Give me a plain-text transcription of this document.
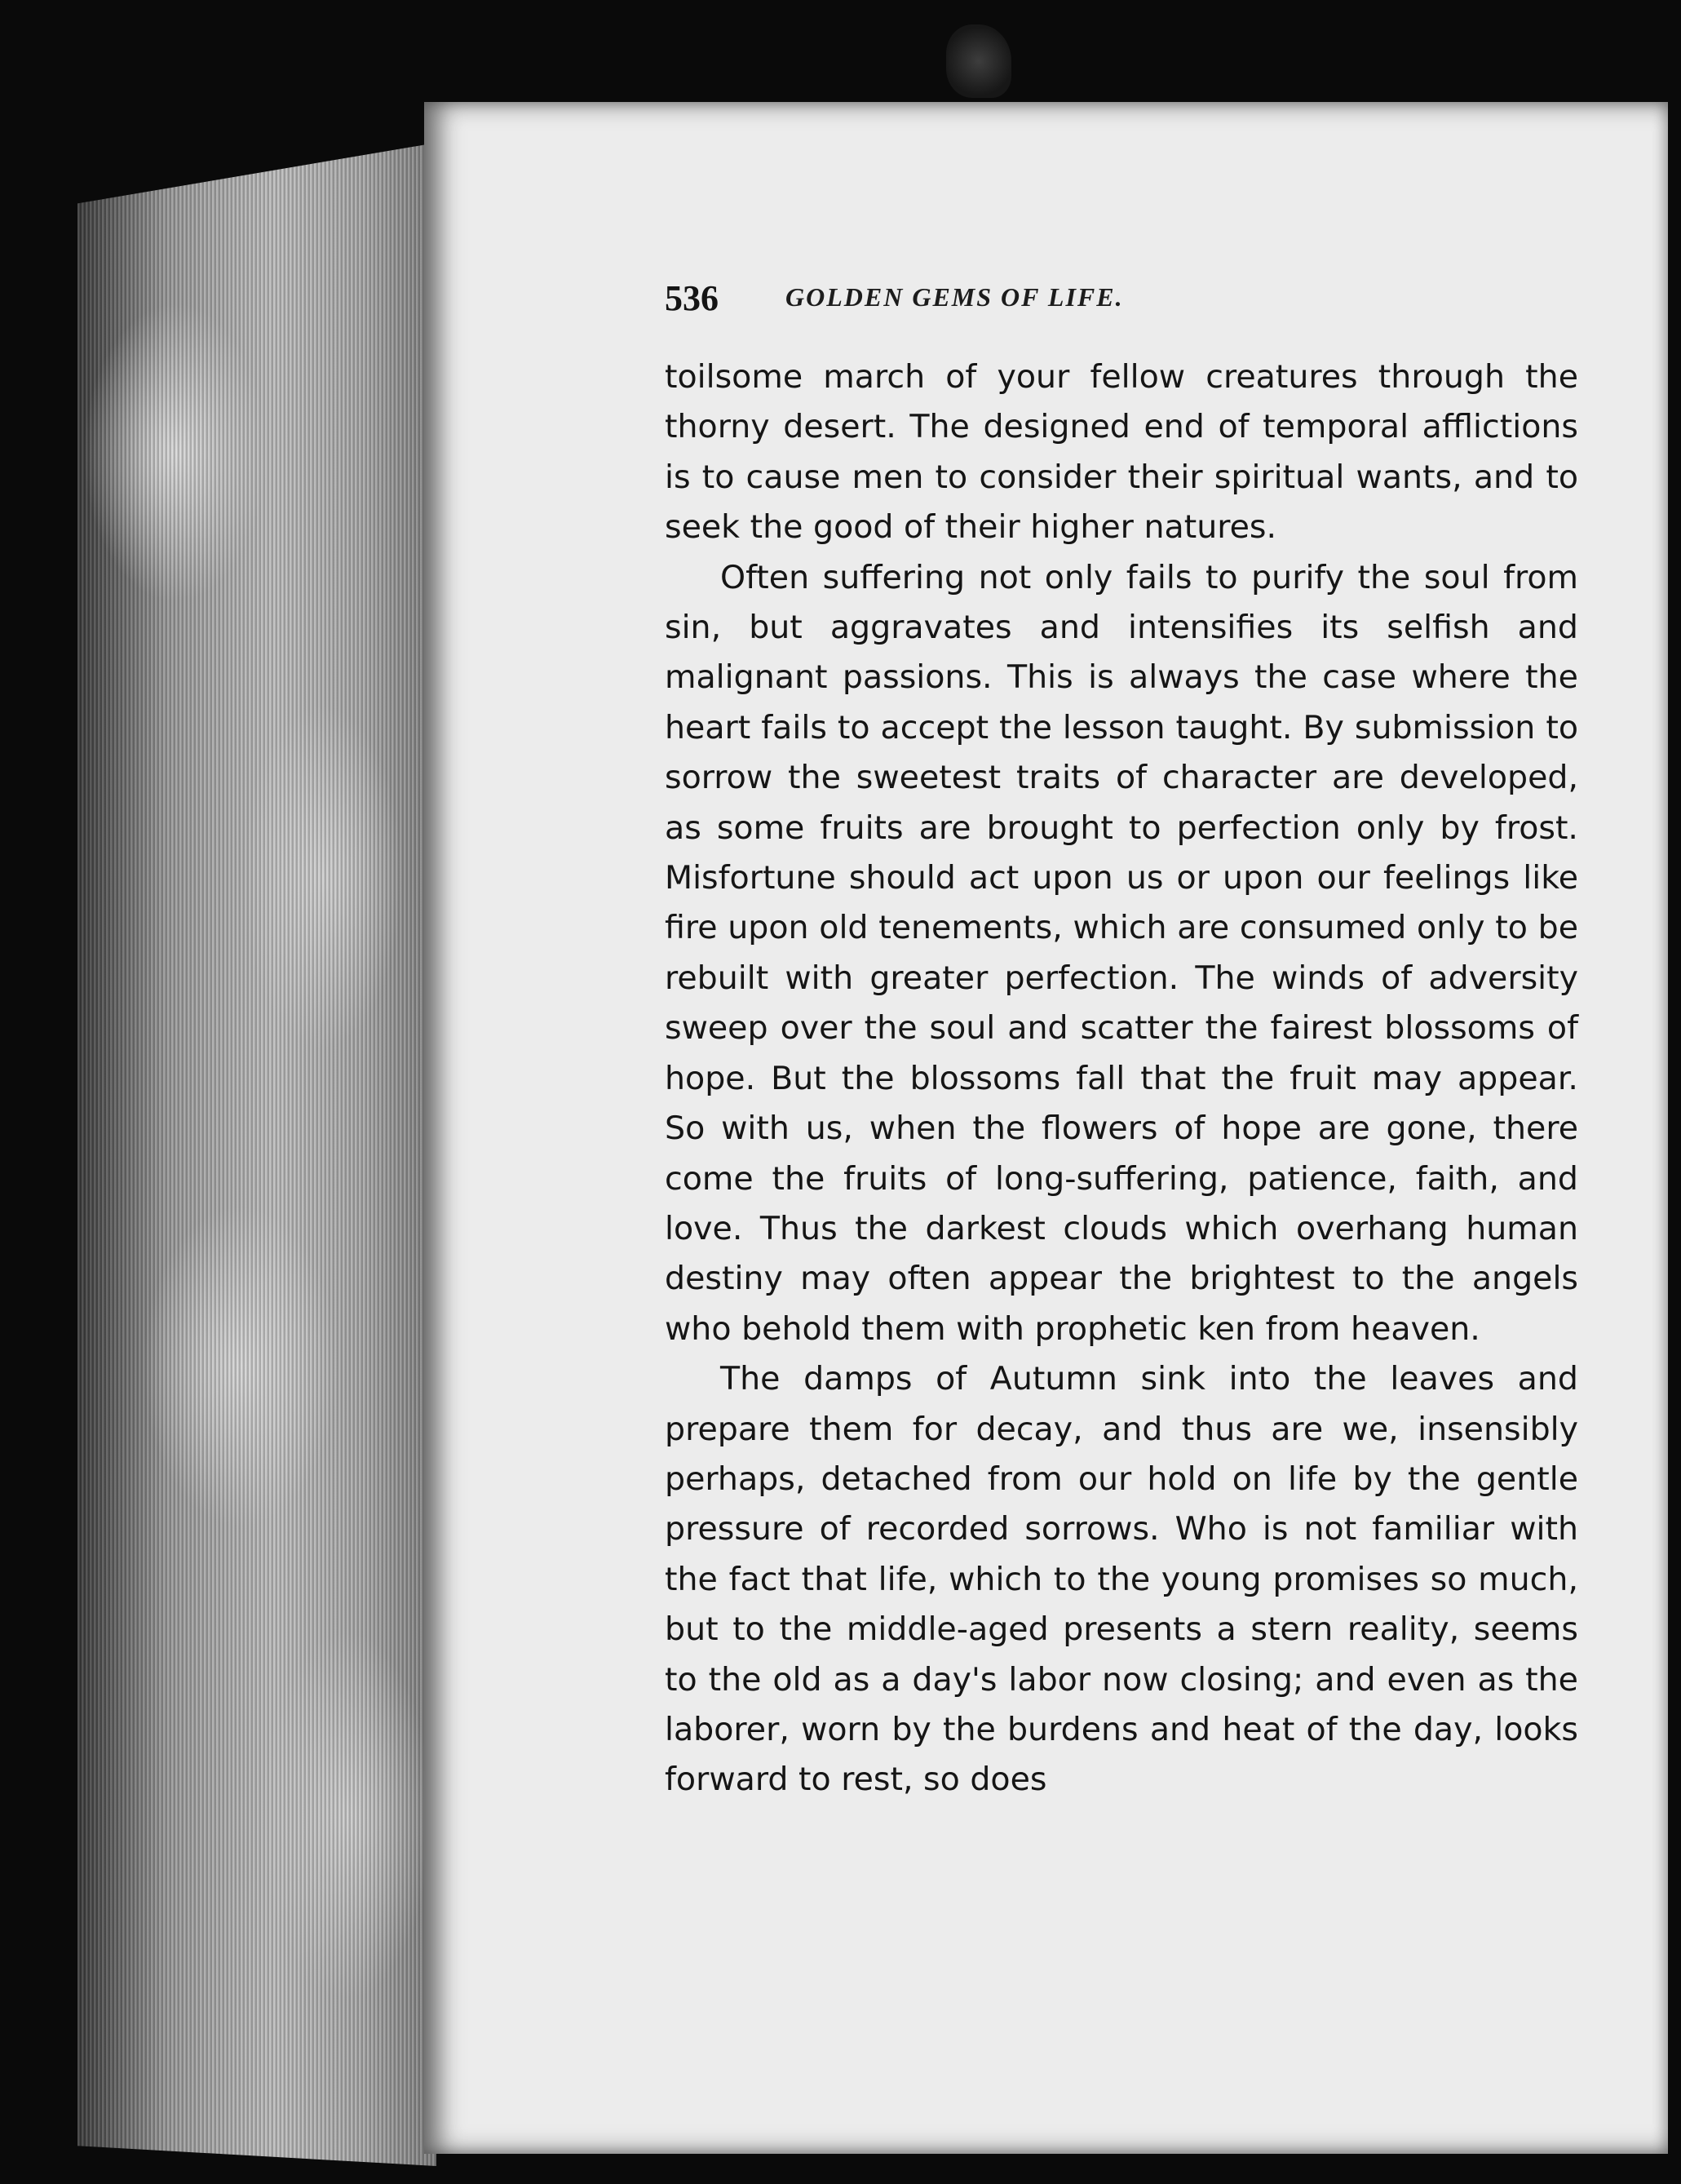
536	GOLDEN GEMS OF LIFE.

toilsome march of your fellow creatures through the thorny desert. The designed end of temporal afflictions is to cause men to consider their spiritual wants, and to seek the good of their higher natures.

Often suffering not only fails to purify the soul from sin, but aggravates and intensifies its selfish and malignant passions. This is always the case where the heart fails to accept the lesson taught. By submission to sorrow the sweetest traits of character are developed, as some fruits are brought to perfection only by frost. Misfortune should act upon us or upon our feelings like fire upon old tenements, which are consumed only to be rebuilt with greater perfection. The winds of adversity sweep over the soul and scatter the fairest blossoms of hope. But the blossoms fall that the fruit may appear. So with us, when the flowers of hope are gone, there come the fruits of long-suffering, patience, faith, and love. Thus the darkest clouds which overhang human destiny may often appear the brightest to the angels who behold them with prophetic ken from heaven.

The damps of Autumn sink into the leaves and prepare them for decay, and thus are we, insensibly perhaps, detached from our hold on life by the gentle pressure of recorded sorrows. Who is not familiar with the fact that life, which to the young promises so much, but to the middle-aged presents a stern reality, seems to the old as a day's labor now closing; and even as the laborer, worn by the burdens and heat of the day, looks forward to rest, so does
